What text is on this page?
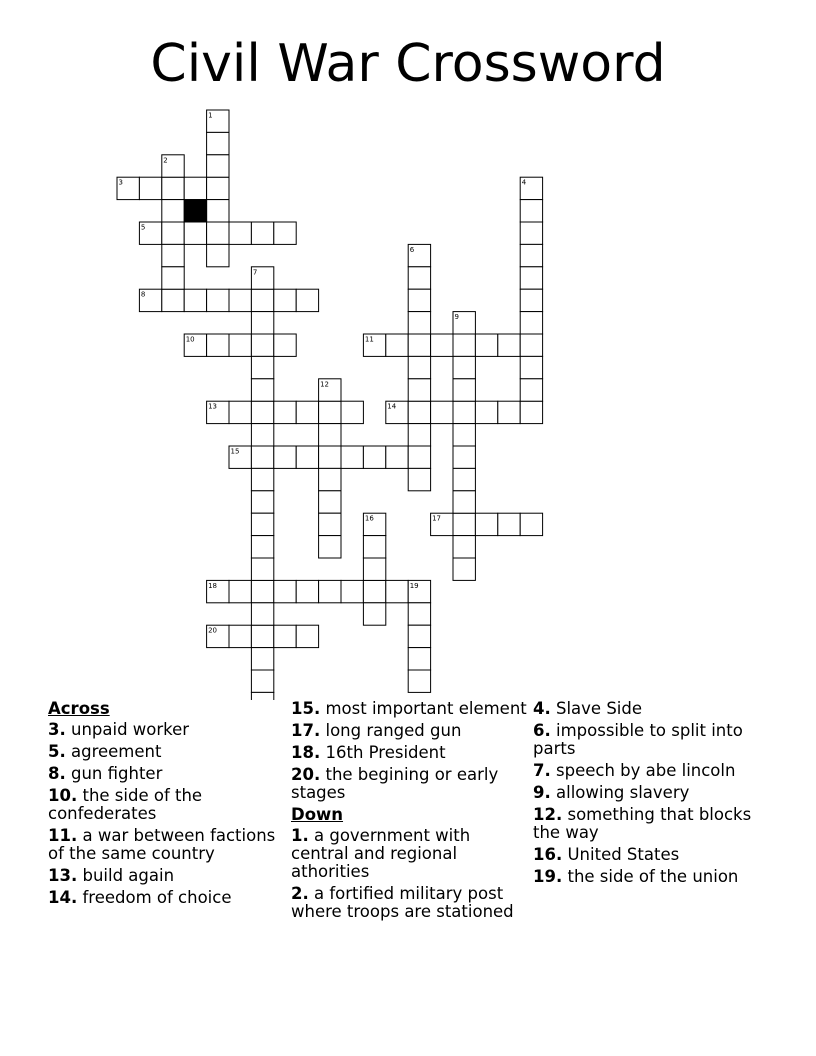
Civil War Crossword
1
2
3	4
5
6
7
8
9
10	11
12
13	14
15
16	17
18	19
20
Across
3. unpaid worker
5. agreement
8. gun fighter
10. the side of the confederates
11. a war between factions of the same country
13. build again
14. freedom of choice
15. most important element
17. long ranged gun
18. 16th President
20. the begining or early stages
Down
1. a government with central and regional athorities
2. a fortified military post where troops are stationed
4. Slave Side
6. impossible to split into parts
7. speech by abe lincoln
9. allowing slavery
12. something that blocks the way
16. United States
19. the side of the union
